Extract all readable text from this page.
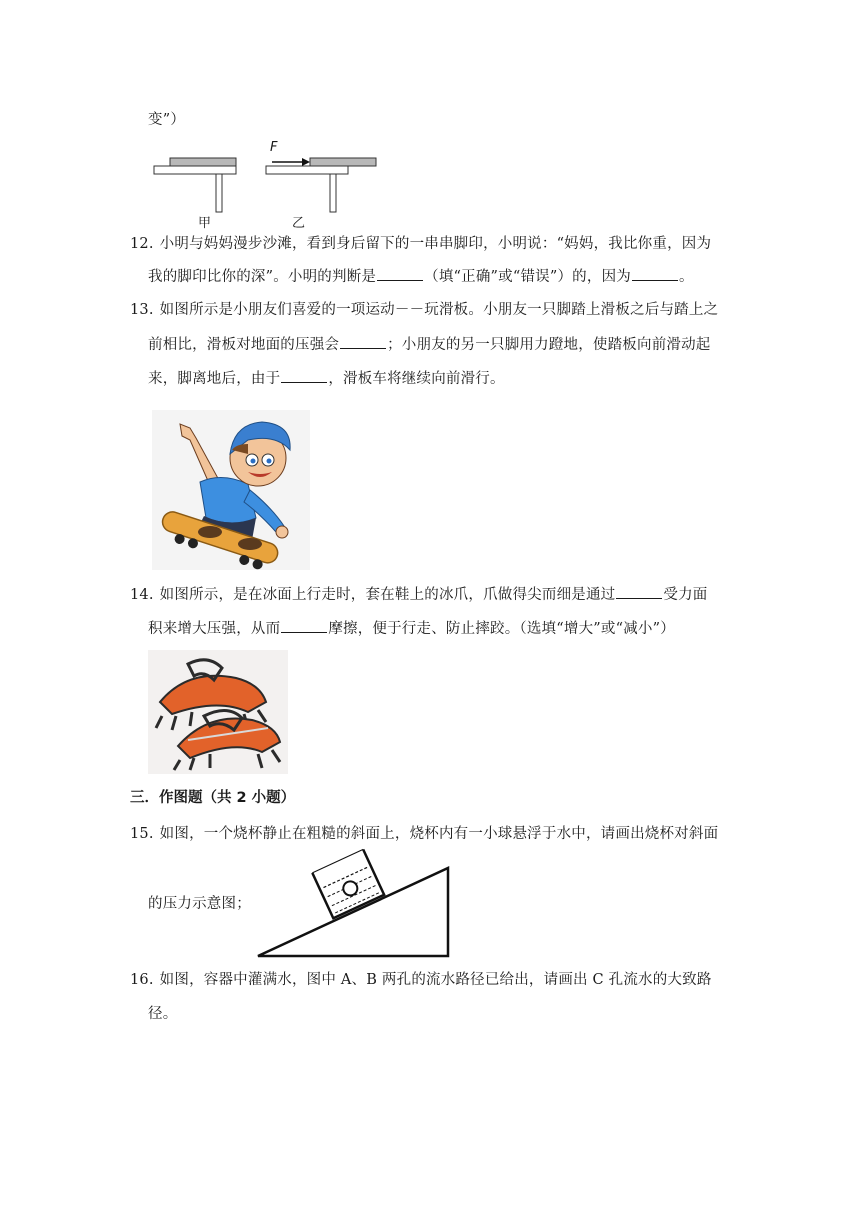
变”）
F
甲	乙
12. 小明与妈妈漫步沙滩，看到身后留下的一串串脚印，小明说：“妈妈，我比你重，因为
我的脚印比你的深”。小明的判断是	（填“正确”或“错误”）的，因为	。
13. 如图所示是小朋友们喜爱的一项运动－－玩滑板。小朋友一只脚踏上滑板之后与踏上之
前相比，滑板对地面的压强会	；小朋友的另一只脚用力蹬地，使踏板向前滑动起
来，脚离地后，由于	，滑板车将继续向前滑行。
14. 如图所示，是在冰面上行走时，套在鞋上的冰爪，爪做得尖而细是通过	受力面
积来增大压强，从而	摩擦，便于行走、防止摔跤。（选填“增大”或“减小”）
三．作图题（共 2 小题）
15. 如图，一个烧杯静止在粗糙的斜面上，烧杯内有一小球悬浮于水中，请画出烧杯对斜面
的压力示意图；
16. 如图，容器中灌满水，图中 A、B 两孔的流水路径已给出，请画出 C 孔流水的大致路
径。
